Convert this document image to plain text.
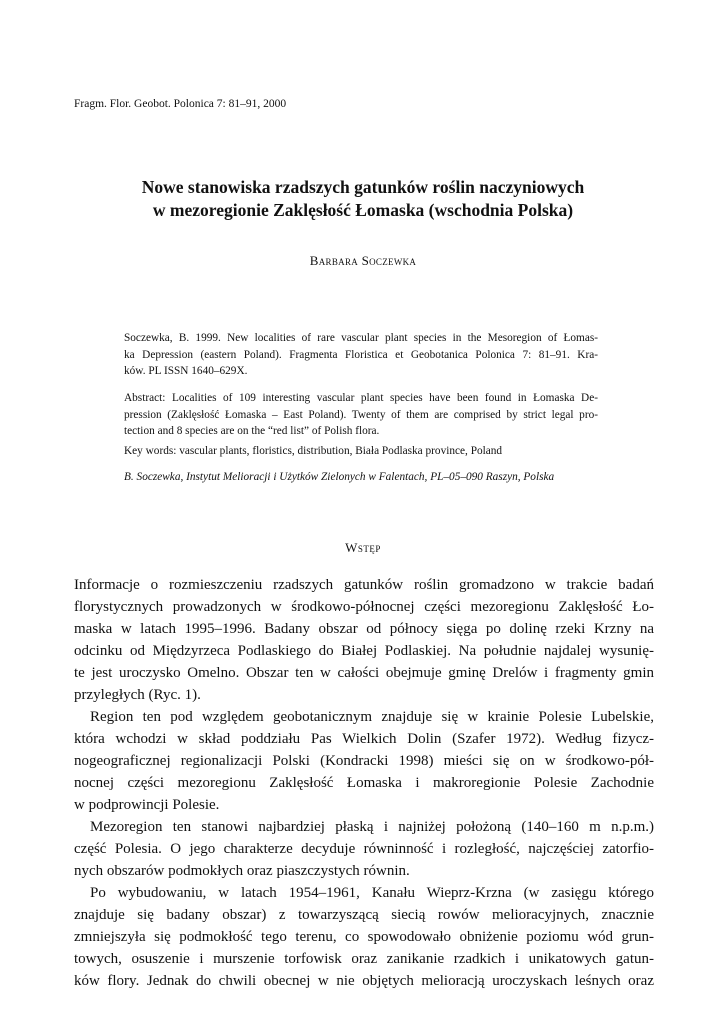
Fragm. Flor. Geobot. Polonica 7: 81–91, 2000
Nowe stanowiska rzadszych gatunków roślin naczyniowych
w mezoregionie Zaklęsłość Łomaska (wschodnia Polska)
Barbara Soczewka
Soczewka, B. 1999. New localities of rare vascular plant species in the Mesoregion of Łomas-
ka Depression (eastern Poland). Fragmenta Floristica et Geobotanica Polonica 7: 81–91. Kra-
ków. PL ISSN 1640–629X.
Abstract: Localities of 109 interesting vascular plant species have been found in Łomaska De-
pression (Zaklęsłość Łomaska – East Poland). Twenty of them are comprised by strict legal pro-
tection and 8 species are on the “red list” of Polish flora.
Key words: vascular plants, floristics, distribution, Biała Podlaska province, Poland
B. Soczewka, Instytut Melioracji i Użytków Zielonych w Falentach, PL–05–090 Raszyn, Polska
Wstęp
Informacje o rozmieszczeniu rzadszych gatunków roślin gromadzono w trakcie badań
florystycznych prowadzonych w środkowo-północnej części mezoregionu Zaklęsłość Ło-
maska w latach 1995–1996. Badany obszar od północy sięga po dolinę rzeki Krzny na
odcinku od Międzyrzeca Podlaskiego do Białej Podlaskiej. Na południe najdalej wysunię-
te jest uroczysko Omelno. Obszar ten w całości obejmuje gminę Drelów i fragmenty gmin
przyległych (Ryc. 1).
Region ten pod względem geobotanicznym znajduje się w krainie Polesie Lubelskie,
która wchodzi w skład poddziału Pas Wielkich Dolin (Szafer 1972). Według fizycz-
nogeograficznej regionalizacji Polski (Kondracki 1998) mieści się on w środkowo-pół-
nocnej części mezoregionu Zaklęsłość Łomaska i makroregionie Polesie Zachodnie
w podprowincji Polesie.
Mezoregion ten stanowi najbardziej płaską i najniżej położoną (140–160 m n.p.m.)
część Polesia. O jego charakterze decyduje równinność i rozległość, najczęściej zatorfio-
nych obszarów podmokłych oraz piaszczystych równin.
Po wybudowaniu, w latach 1954–1961, Kanału Wieprz-Krzna (w zasięgu którego
znajduje się badany obszar) z towarzyszącą siecią rowów melioracyjnych, znacznie
zmniejszyła się podmokłość tego terenu, co spowodowało obniżenie poziomu wód grun-
towych, osuszenie i murszenie torfowisk oraz zanikanie rzadkich i unikatowych gatun-
ków flory. Jednak do chwili obecnej w nie objętych melioracją uroczyskach leśnych oraz
